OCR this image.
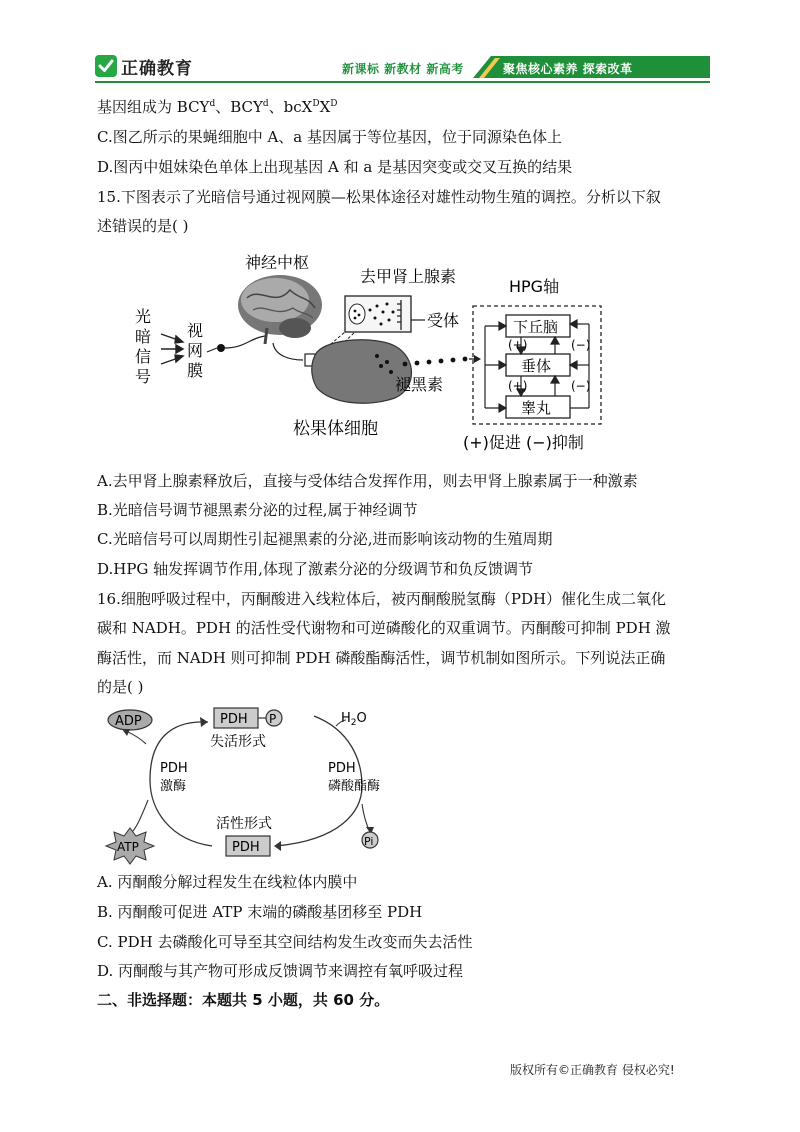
正确教育	新课标 新教材 新高考	聚焦核心素养 探索改革
基因组成为 BCY$^d$、BCY$^d$、$bcX^DX^D$
C.图乙所示的果蝇细胞中 A、a 基因属于等位基因，位于同源染色体上
D.图丙中姐妹染色单体上出现基因 A 和 a 是基因突变或交叉互换的结果
15.下图表示了光暗信号通过视网膜—松果体途径对雄性动物生殖的调控。分析以下叙
述错误的是( )
光
暗
信
号
视
网
膜
神经中枢
去甲肾上腺素
受体
松果体细胞
褪黑素
HPG轴
下丘脑
垂体
睾丸
(+)
(+)
(−)
(−)
(+)促进 (−)抑制
A.去甲肾上腺素释放后，直接与受体结合发挥作用，则去甲肾上腺素属于一种激素
B.光暗信号调节褪黑素分泌的过程,属于神经调节
C.光暗信号可以周期性引起褪黑素的分泌,进而影响该动物的生殖周期
D.HPG 轴发挥调节作用,体现了激素分泌的分级调节和负反馈调节
16.细胞呼吸过程中，丙酮酸进入线粒体后，被丙酮酸脱氢酶（PDH）催化生成二氧化
碳和 NADH。PDH 的活性受代谢物和可逆磷酸化的双重调节。丙酮酸可抑制 PDH 激
酶活性，而 NADH 则可抑制 PDH 磷酸酯酶活性，调节机制如图所示。下列说法正确
的是( )
ADP	PDH P
失活形式
$H_2O$
PDH
激酶
ATP
活性形式
PDH
PDH
磷酸酯酶
Pi
A. 丙酮酸分解过程发生在线粒体内膜中
B. 丙酮酸可促进 ATP 末端的磷酸基团移至 PDH
C. PDH 去磷酸化可导至其空间结构发生改变而失去活性
D. 丙酮酸与其产物可形成反馈调节来调控有氧呼吸过程
二、非选择题：本题共 5 小题，共 60 分。
版权所有©正确教育 侵权必究!
